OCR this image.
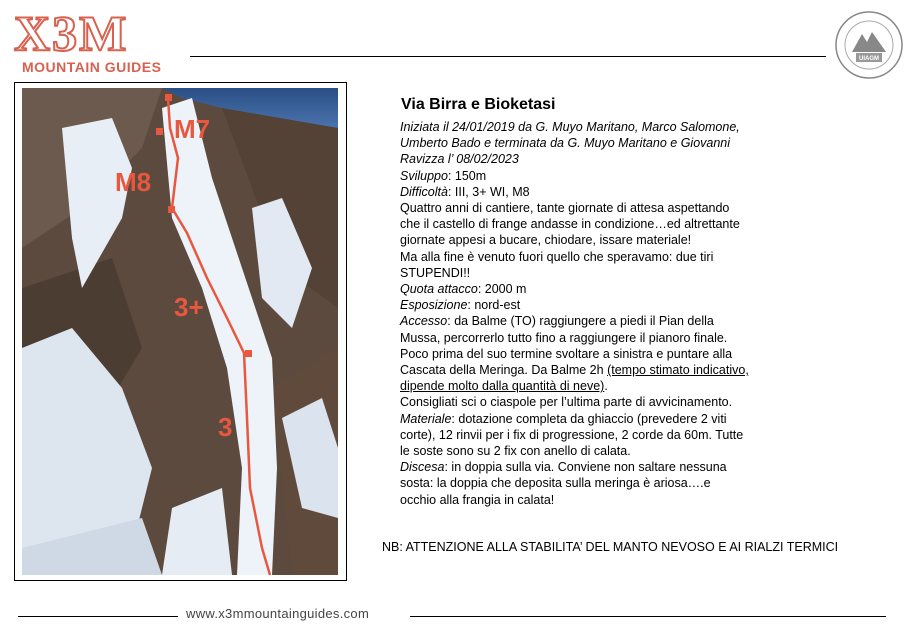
X3M
MOUNTAIN GUIDES	UIAGM
M7
M8
3+
3
Via Birra e Bioketasi

Iniziata il 24/01/2019 da G. Muyo Maritano, Marco Salomone,

Umberto Bado e terminata da G. Muyo Maritano e Giovanni

Ravizza l’ 08/02/2023

Sviluppo: 150m

Difficoltà: III, 3+ WI, M8

Quattro anni di cantiere, tante giornate di attesa aspettando

che il castello di frange andasse in condizione…ed altrettante

giornate appesi a bucare, chiodare, issare materiale!

Ma alla fine è venuto fuori quello che speravamo: due tiri

STUPENDI!!

Quota attacco: 2000 m

Esposizione: nord-est

Accesso: da Balme (TO) raggiungere a piedi il Pian della

Mussa, percorrerlo tutto fino a raggiungere il pianoro finale.

Poco prima del suo termine svoltare a sinistra e puntare alla

Cascata della Meringa. Da Balme 2h (tempo stimato indicativo,

dipende molto dalla quantità di neve).

Consigliati sci o ciaspole per l’ultima parte di avvicinamento.

Materiale: dotazione completa da ghiaccio (prevedere 2 viti

corte), 12 rinvii per i fix di progressione, 2 corde da 60m. Tutte

le soste sono su 2 fix con anello di calata.

Discesa: in doppia sulla via. Conviene non saltare nessuna

sosta: la doppia che deposita sulla meringa è ariosa….e

occhio alla frangia in calata!

NB: ATTENZIONE ALLA STABILITA’ DEL MANTO NEVOSO E AI RIALZI TERMICI
www.x3mmountainguides.com
